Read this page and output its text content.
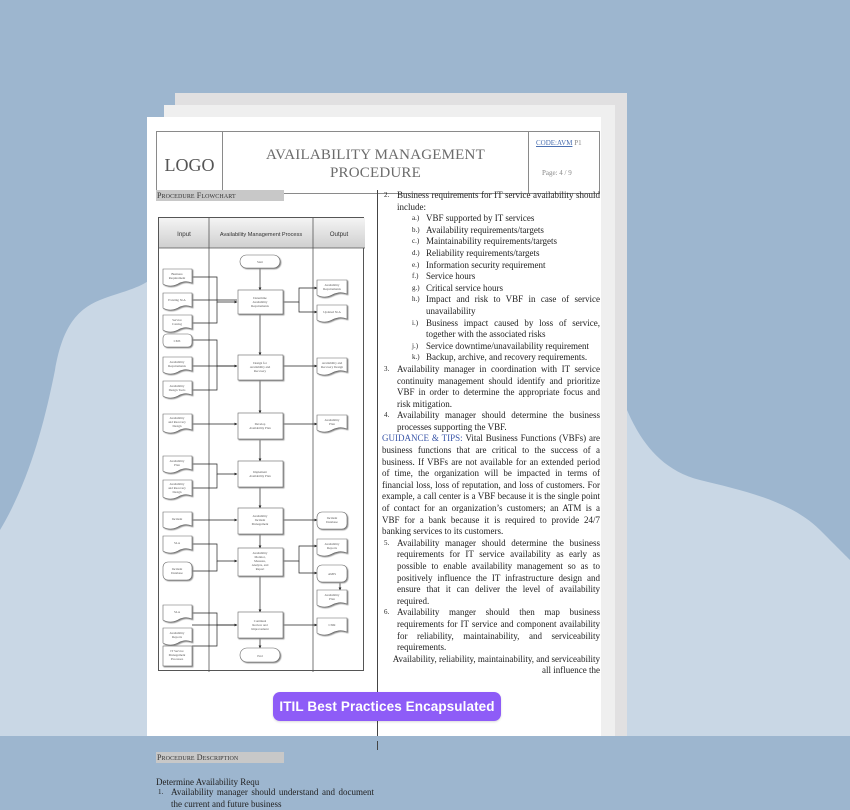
LOGO
AVAILABILITY MANAGEMENT
PROCEDURE
CODE:AVM P1
Page: 4 / 9
Procedure Flowchart
Input	Availability Management Process	Output
Start
Determine
Availability
Requirements
Design for
Availability and
Recovery
Develop
Availability Plan
Implement
Availability Plan
Availability
Incident
Management
Availability
Monitor,
Measure,
Analyze, and
Report
Continual
Review and
Improvement
End
Business
Requirement
Existing SLA
Service
Catalog
CMS
Availability
Requirements
Availability
Design Tools
Availability
and Recovery
Design
Availability
Plan
Availability
and Recovery
Design
Incident
SLA
Incident
Database
SLA
Availability
Reports
IT Service
Management
Processes
Availability
Requirements
Updated SLA
Availability and
Recovery Design
Availability
Plan
Incident
Database
Availability
Reports
AMIS
Availability
Plan
CSIR
Procedure Description
Determine Availability Requ
1. Availability manager should understand and document the current and future business
2. Business requirements for IT service availability should include:
a.) VBF supported by IT services
b.) Availability requirements/targets
c.) Maintainability requirements/targets
d.) Reliability requirements/targets
e.) Information security requirement
f.) Service hours
g.) Critical service hours
h.) Impact and risk to VBF in case of service unavailability
i.) Business impact caused by loss of service, together with the associated risks
j.) Service downtime/unavailability requirement
k.) Backup, archive, and recovery requirements.
3. Availability manager in coordination with IT service continuity management should identify and prioritize VBF in order to determine the appropriate focus and risk mitigation.
4. Availability manager should determine the business processes supporting the VBF.
GUIDANCE & TIPS: Vital Business Functions (VBFs) are business functions that are critical to the success of a business. If VBFs are not available for an extended period of time, the organization will be impacted in terms of financial loss, loss of reputation, and loss of customers. For example, a call center is a VBF because it is the single point of contact for an organization’s customers; an ATM is a VBF for a bank because it is required to provide 24/7 banking services to its customers.
5. Availability manager should determine the business requirements for IT service availability as early as possible to enable availability management so as to positively influence the IT infrastructure design and ensure that it can deliver the level of availability required.
6. Availability manger should then map business requirements for IT service and component availability for reliability, maintainability, and serviceability requirements.
Availability, reliability, maintainability, and serviceability all influence the
ITIL Best Practices Encapsulated
